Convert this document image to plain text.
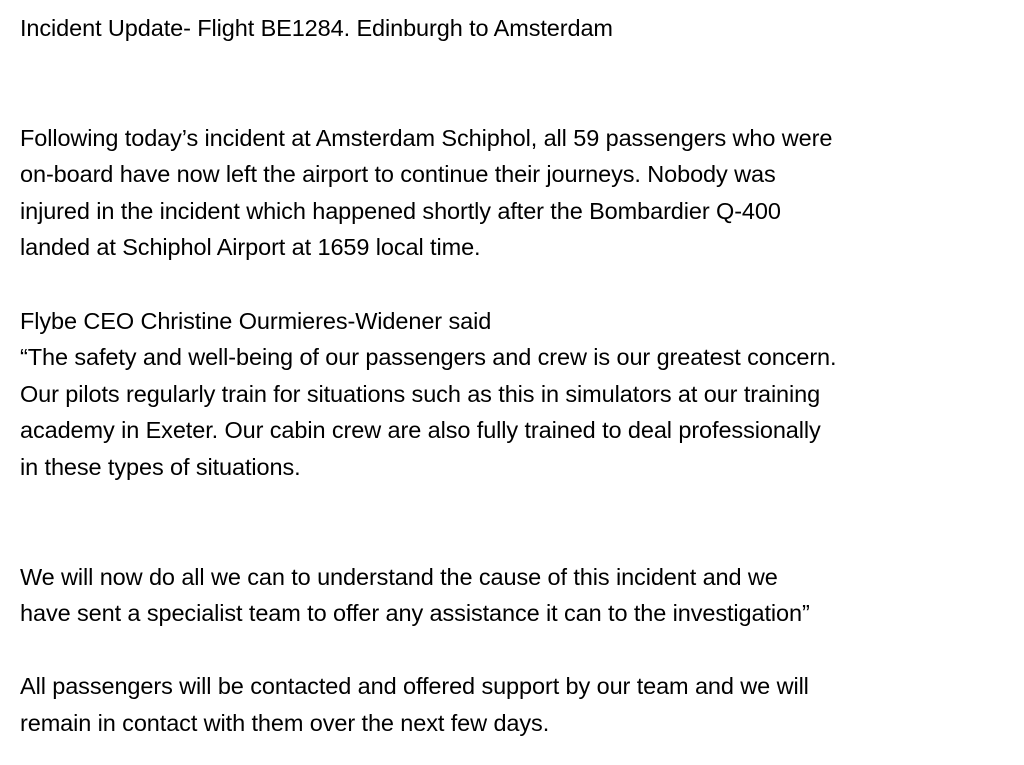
Incident Update- Flight BE1284. Edinburgh to Amsterdam
Following today’s incident at Amsterdam Schiphol, all 59 passengers who were
on-board have now left the airport to continue their journeys. Nobody was
injured in the incident which happened shortly after the Bombardier Q-400
landed at Schiphol Airport at 1659 local time.
Flybe CEO Christine Ourmieres-Widener said
“The safety and well-being of our passengers and crew is our greatest concern.
Our pilots regularly train for situations such as this in simulators at our training
academy in Exeter. Our cabin crew are also fully trained to deal professionally
in these types of situations.
We will now do all we can to understand the cause of this incident and we
have sent a specialist team to offer any assistance it can to the investigation”
All passengers will be contacted and offered support by our team and we will
remain in contact with them over the next few days.
